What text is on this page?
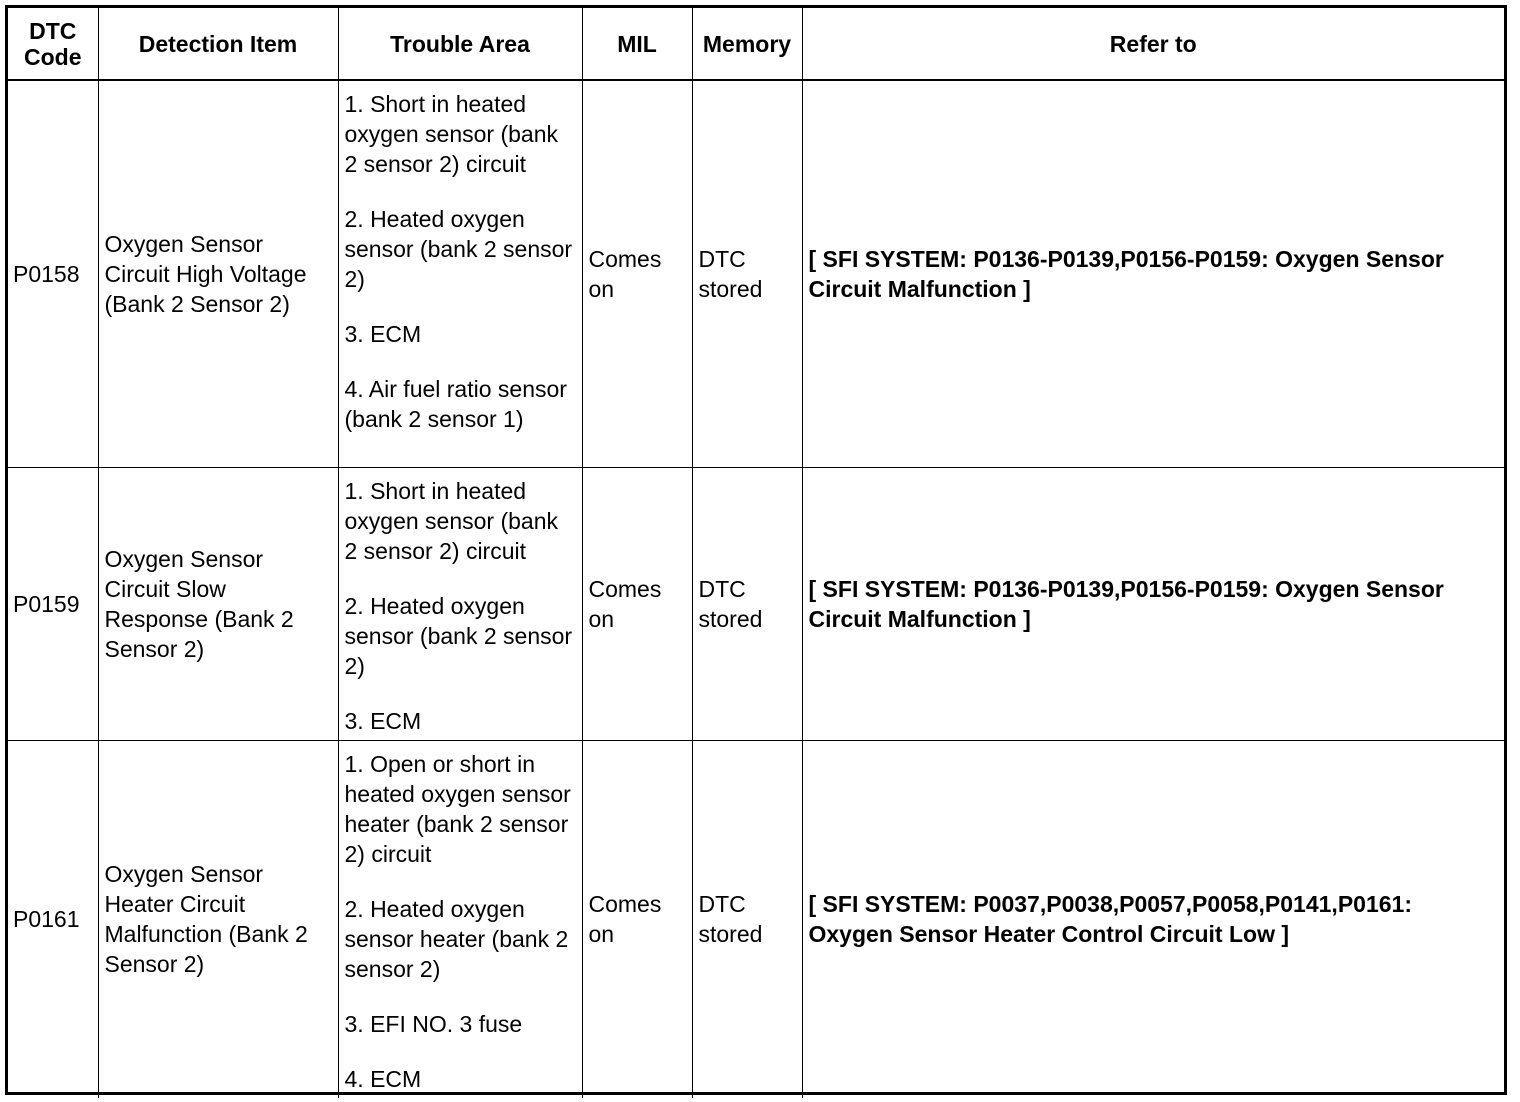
DTC
Code	Detection Item	Trouble Area	MIL	Memory	Refer to
P0158	Oxygen Sensor Circuit High Voltage (Bank 2 Sensor 2)	1. Short in heated oxygen sensor (bank 2 sensor 2) circuit

2. Heated oxygen sensor (bank 2 sensor 2)

3. ECM

4. Air fuel ratio sensor (bank 2 sensor 1)	Comes on	DTC stored	[ SFI SYSTEM: P0136-P0139,P0156-P0159: Oxygen Sensor Circuit Malfunction ]
P0159	Oxygen Sensor Circuit Slow Response (Bank 2 Sensor 2)	1. Short in heated oxygen sensor (bank 2 sensor 2) circuit

2. Heated oxygen sensor (bank 2 sensor 2)

3. ECM	Comes on	DTC stored	[ SFI SYSTEM: P0136-P0139,P0156-P0159: Oxygen Sensor Circuit Malfunction ]
P0161	Oxygen Sensor Heater Circuit Malfunction (Bank 2 Sensor 2)	1. Open or short in heated oxygen sensor heater (bank 2 sensor 2) circuit

2. Heated oxygen sensor heater (bank 2 sensor 2)

3. EFI NO. 3 fuse

4. ECM	Comes on	DTC stored	[ SFI SYSTEM: P0037,P0038,P0057,P0058,P0141,P0161: Oxygen Sensor Heater Control Circuit Low ]
